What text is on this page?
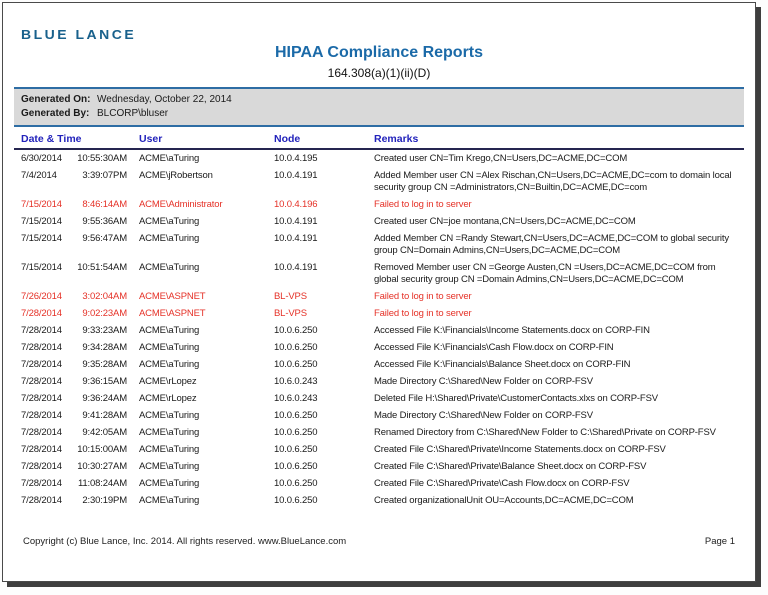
BLUE LANCE
HIPAA Compliance Reports
164.308(a)(1)(ii)(D)
Generated On: Wednesday, October 22, 2014
Generated By: BLCORP\bluser
Date & Time	User	Node	Remarks
6/30/2014 10:55:30AM ACME\aTuring	10.0.4.195	Created user CN=Tim Krego,CN=Users,DC=ACME,DC=COM
7/4/2014	3:39:07PM ACME\jRobertson	10.0.4.191	Added Member user CN =Alex Rischan,CN=Users,DC=ACME,DC=com to domain local security group CN =Administrators,CN=Builtin,DC=ACME,DC=com
7/15/2014 8:46:14AM ACME\Administrator	10.0.4.196	Failed to log in to server
7/15/2014 9:55:36AM ACME\aTuring	10.0.4.191	Created user CN=joe montana,CN=Users,DC=ACME,DC=COM
7/15/2014 9:56:47AM ACME\aTuring	10.0.4.191	Added Member CN =Randy Stewart,CN=Users,DC=ACME,DC=COM to global security group CN=Domain Admins,CN=Users,DC=ACME,DC=COM
7/15/2014 10:51:54AM ACME\aTuring	10.0.4.191	Removed Member user CN =George Austen,CN =Users,DC=ACME,DC=COM from global security group CN =Domain Admins,CN=Users,DC=ACME,DC=COM
7/26/2014 3:02:04AM ACME\ASPNET	BL-VPS	Failed to log in to server
7/28/2014 9:02:23AM ACME\ASPNET	BL-VPS	Failed to log in to server
7/28/2014 9:33:23AM ACME\aTuring	10.0.6.250	Accessed File K:\Financials\Income Statements.docx on CORP-FIN
7/28/2014 9:34:28AM ACME\aTuring	10.0.6.250	Accessed File K:\Financials\Cash Flow.docx on CORP-FIN
7/28/2014 9:35:28AM ACME\aTuring	10.0.6.250	Accessed File K:\Financials\Balance Sheet.docx on CORP-FIN
7/28/2014 9:36:15AM ACME\rLopez	10.6.0.243	Made Directory C:\Shared\New Folder on CORP-FSV
7/28/2014 9:36:24AM ACME\rLopez	10.6.0.243	Deleted File H:\Shared\Private\CustomerContacts.xlxs on CORP-FSV
7/28/2014 9:41:28AM ACME\aTuring	10.0.6.250	Made Directory C:\Shared\New Folder on CORP-FSV
7/28/2014 9:42:05AM ACME\aTuring	10.0.6.250	Renamed Directory from C:\Shared\New Folder to C:\Shared\Private on CORP-FSV
7/28/2014 10:15:00AM ACME\aTuring	10.0.6.250	Created File C:\Shared\Private\Income Statements.docx on CORP-FSV
7/28/2014 10:30:27AM ACME\aTuring	10.0.6.250	Created File C:\Shared\Private\Balance Sheet.docx on CORP-FSV
7/28/2014 11:08:24AM ACME\aTuring	10.0.6.250	Created File C:\Shared\Private\Cash Flow.docx on CORP-FSV
7/28/2014 2:30:19PM ACME\aTuring	10.0.6.250	Created organizationalUnit OU=Accounts,DC=ACME,DC=COM
Copyright (c) Blue Lance, Inc. 2014. All rights reserved. www.BlueLance.com	Page 1
